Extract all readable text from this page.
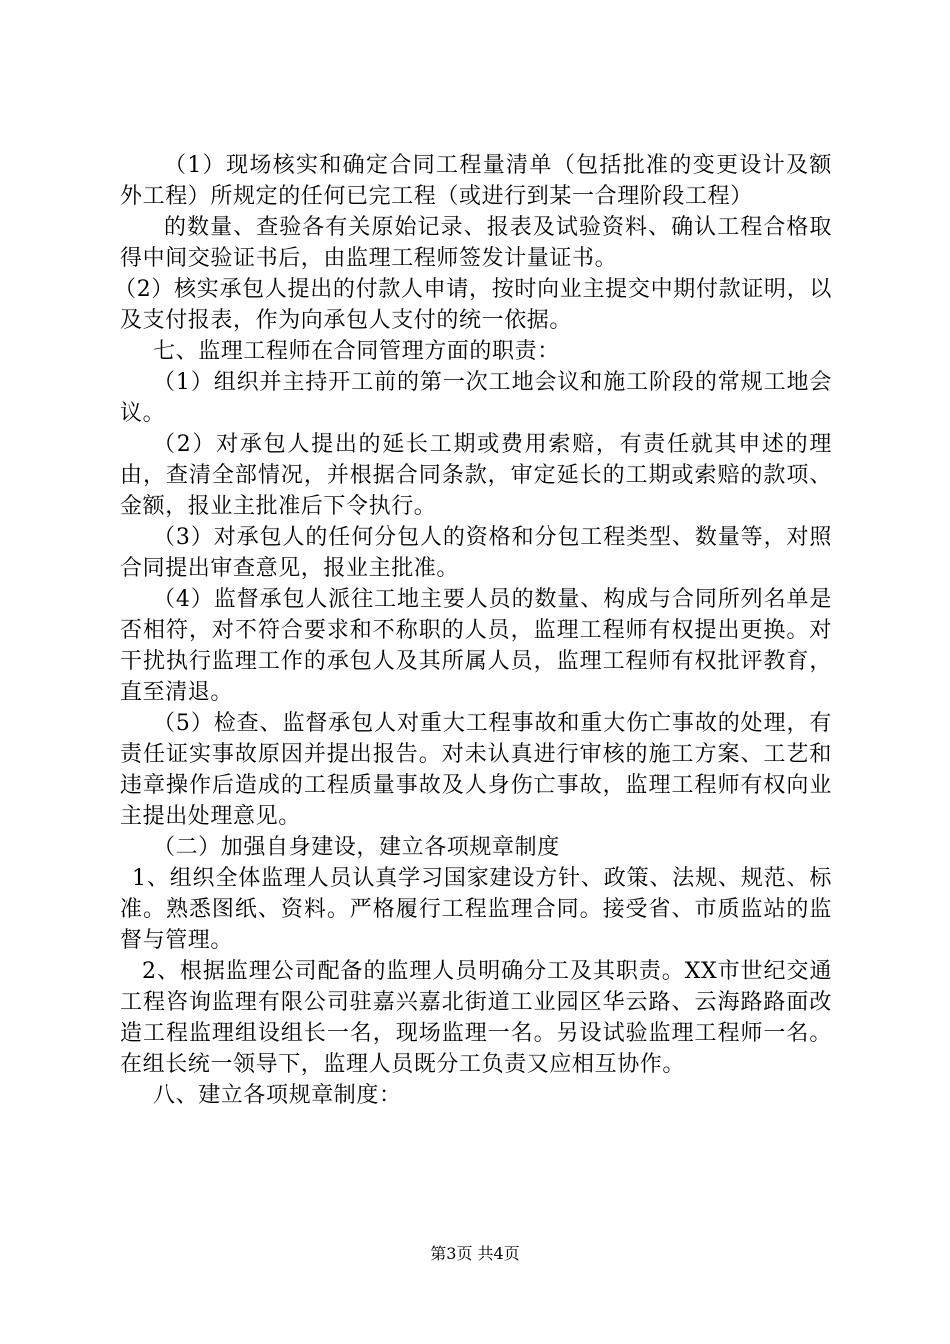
（1）现场核实和确定合同工程量清单（包括批准的变更设计及额外工程）所规定的任何已完工程（或进行到某一合理阶段工程）

的数量、查验各有关原始记录、报表及试验资料、确认工程合格取得中间交验证书后，由监理工程师签发计量证书。

（2）核实承包人提出的付款人申请，按时向业主提交中期付款证明，以及支付报表，作为向承包人支付的统一依据。

七、监理工程师在合同管理方面的职责：

（1）组织并主持开工前的第一次工地会议和施工阶段的常规工地会议。

（2）对承包人提出的延长工期或费用索赔，有责任就其申述的理由，查清全部情况，并根据合同条款，审定延长的工期或索赔的款项、金额，报业主批准后下令执行。

（3）对承包人的任何分包人的资格和分包工程类型、数量等，对照合同提出审查意见，报业主批准。

（4）监督承包人派往工地主要人员的数量、构成与合同所列名单是否相符，对不符合要求和不称职的人员，监理工程师有权提出更换。对干扰执行监理工作的承包人及其所属人员，监理工程师有权批评教育，直至清退。

（5）检查、监督承包人对重大工程事故和重大伤亡事故的处理，有责任证实事故原因并提出报告。对未认真进行审核的施工方案、工艺和违章操作后造成的工程质量事故及人身伤亡事故，监理工程师有权向业主提出处理意见。

（二）加强自身建设，建立各项规章制度

1、组织全体监理人员认真学习国家建设方针、政策、法规、规范、标准。熟悉图纸、资料。严格履行工程监理合同。接受省、市质监站的监督与管理。

2、根据监理公司配备的监理人员明确分工及其职责。XX市世纪交通工程咨询监理有限公司驻嘉兴嘉北街道工业园区华云路、云海路路面改造工程监理组设组长一名，现场监理一名。另设试验监理工程师一名。在组长统一领导下，监理人员既分工负责又应相互协作。

八、建立各项规章制度：

第3页 共4页
